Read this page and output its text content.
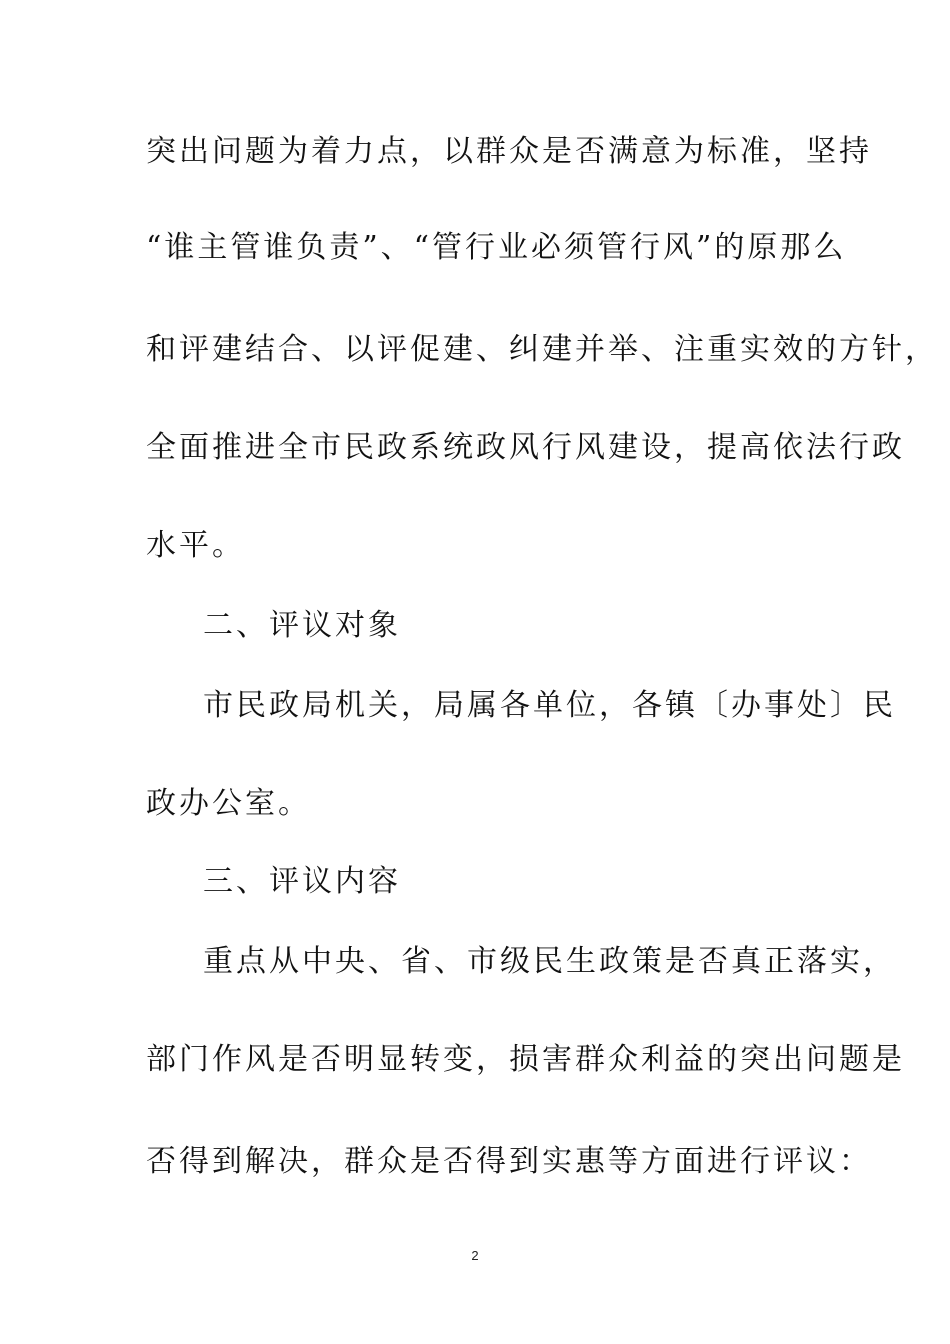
突出问题为着力点，以群众是否满意为标准，坚持
“谁主管谁负责”、“管行业必须管行风”的原那么
和评建结合、以评促建、纠建并举、注重实效的方针，
全面推进全市民政系统政风行风建设，提高依法行政
水平。
二、评议对象
市民政局机关，局属各单位，各镇〔办事处〕民
政办公室。
三、评议内容
重点从中央、省、市级民生政策是否真正落实，
部门作风是否明显转变，损害群众利益的突出问题是
否得到解决，群众是否得到实惠等方面进行评议：
2
